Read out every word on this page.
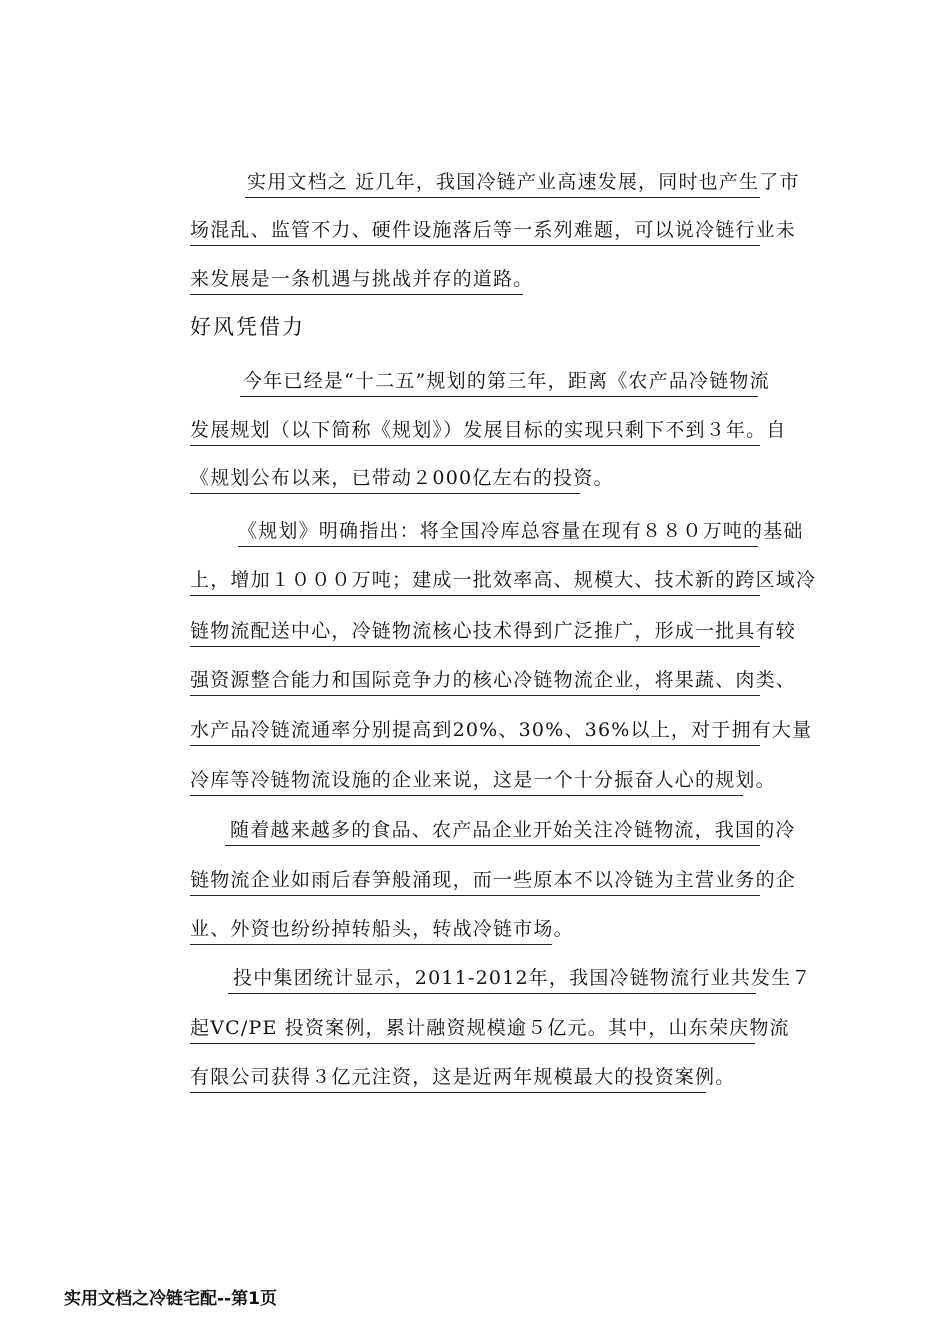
实用文档之 近几年，我国冷链产业高速发展，同时也产生了市
场混乱、监管不力、硬件设施落后等一系列难题，可以说冷链行业未
来发展是一条机遇与挑战并存的道路。
好风凭借力
今年已经是“十二五”规划的第三年，距离《农产品冷链物流
发展规划（以下简称《规划》）发展目标的实现只剩下不到３年。自
《规划公布以来，已带动２000亿左右的投资。
《规划》明确指出：将全国冷库总容量在现有８８０万吨的基础
上，增加１０００万吨；建成一批效率高、规模大、技术新的跨区域冷
链物流配送中心，冷链物流核心技术得到广泛推广，形成一批具有较
强资源整合能力和国际竞争力的核心冷链物流企业，将果蔬、肉类、
水产品冷链流通率分别提高到20%、30%、36%以上，对于拥有大量
冷库等冷链物流设施的企业来说，这是一个十分振奋人心的规划。
随着越来越多的食品、农产品企业开始关注冷链物流，我国的冷
链物流企业如雨后春笋般涌现，而一些原本不以冷链为主营业务的企
业、外资也纷纷掉转船头，转战冷链市场。
投中集团统计显示，2011-2012年，我国冷链物流行业共发生７
起VC/PE 投资案例，累计融资规模逾５亿元。其中，山东荣庆物流
有限公司获得３亿元注资，这是近两年规模最大的投资案例。
实用文档之冷链宅配--第1页
